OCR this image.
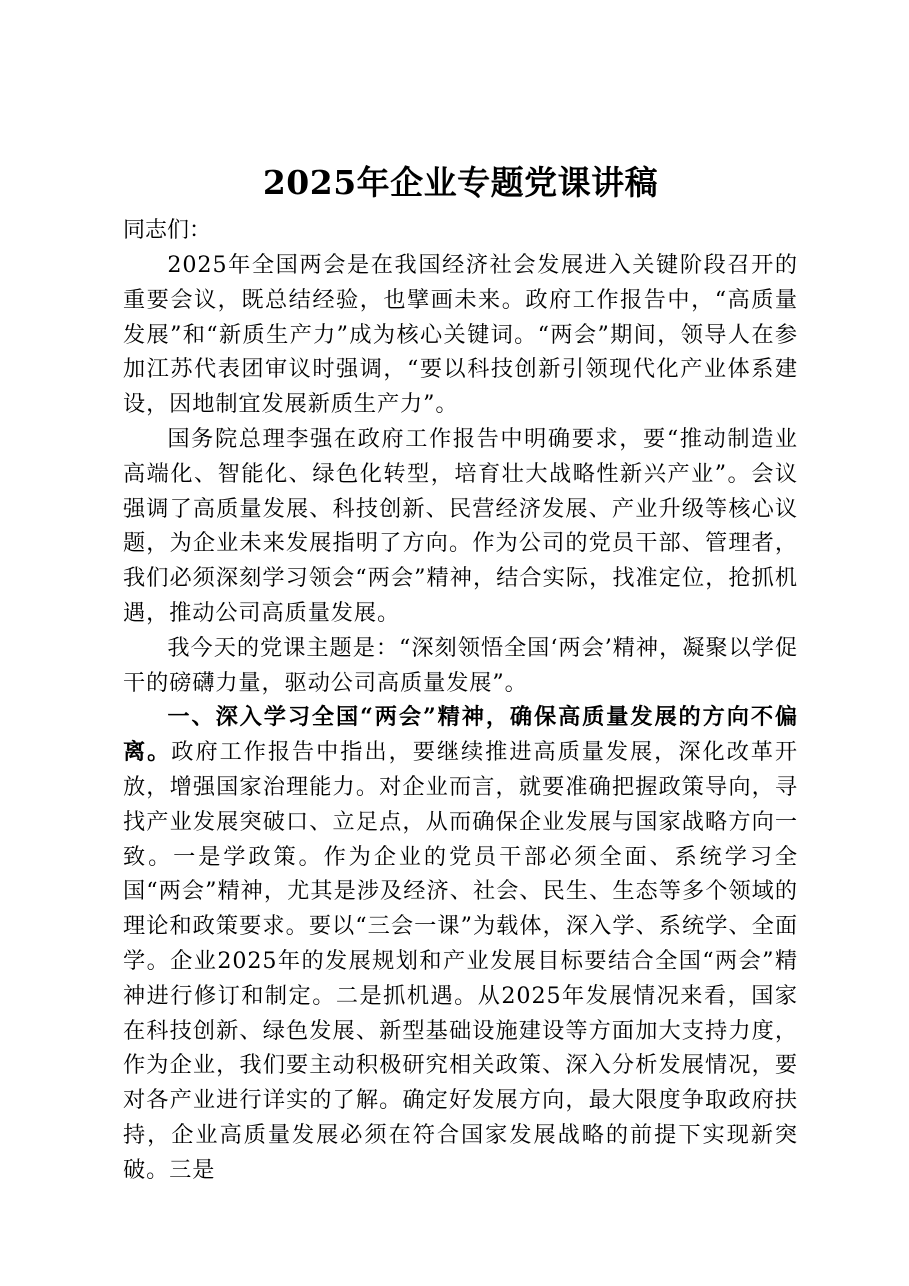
2025年企业专题党课讲稿

同志们：

2025年全国两会是在我国经济社会发展进入关键阶段召开的重要会议，既总结经验，也擘画未来。政府工作报告中，“高质量发展”和“新质生产力”成为核心关键词。“两会”期间，领导人在参加江苏代表团审议时强调，“要以科技创新引领现代化产业体系建设，因地制宜发展新质生产力”。

国务院总理李强在政府工作报告中明确要求，要“推动制造业高端化、智能化、绿色化转型，培育壮大战略性新兴产业”。会议强调了高质量发展、科技创新、民营经济发展、产业升级等核心议题，为企业未来发展指明了方向。作为公司的党员干部、管理者，我们必须深刻学习领会“两会”精神，结合实际，找准定位，抢抓机遇，推动公司高质量发展。

我今天的党课主题是：“深刻领悟全国‘两会’精神，凝聚以学促干的磅礴力量，驱动公司高质量发展”。

一、深入学习全国“两会”精神，确保高质量发展的方向不偏离。政府工作报告中指出，要继续推进高质量发展，深化改革开放，增强国家治理能力。对企业而言，就要准确把握政策导向，寻找产业发展突破口、立足点，从而确保企业发展与国家战略方向一致。一是学政策。作为企业的党员干部必须全面、系统学习全国“两会”精神，尤其是涉及经济、社会、民生、生态等多个领域的理论和政策要求。要以“三会一课”为载体，深入学、系统学、全面学。企业2025年的发展规划和产业发展目标要结合全国“两会”精神进行修订和制定。二是抓机遇。从2025年发展情况来看，国家在科技创新、绿色发展、新型基础设施建设等方面加大支持力度，作为企业，我们要主动积极研究相关政策、深入分析发展情况，要对各产业进行详实的了解。确定好发展方向，最大限度争取政府扶持，企业高质量发展必须在符合国家发展战略的前提下实现新突破。三是
